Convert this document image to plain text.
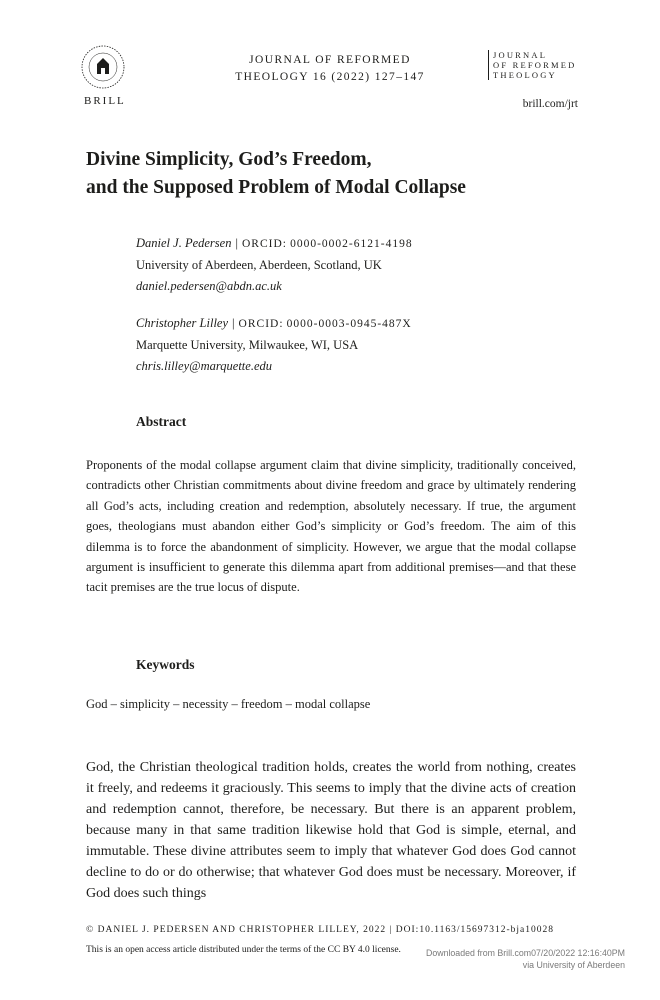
BRILL
JOURNAL OF REFORMED
THEOLOGY 16 (2022) 127–147
JOURNAL
OF REFORMED
THEOLOGY
brill.com/jrt
Divine Simplicity, God’s Freedom,
and the Supposed Problem of Modal Collapse
Daniel J. Pedersen | ORCID: 0000-0002-6121-4198
University of Aberdeen, Aberdeen, Scotland, UK
daniel.pedersen@abdn.ac.uk
Christopher Lilley | ORCID: 0000-0003-0945-487X
Marquette University, Milwaukee, WI, USA
chris.lilley@marquette.edu
Abstract

Proponents of the modal collapse argument claim that divine simplicity, traditionally conceived, contradicts other Christian commitments about divine freedom and grace by ultimately rendering all God’s acts, including creation and redemption, absolutely necessary. If true, the argument goes, theologians must abandon either God’s simplicity or God’s freedom. The aim of this dilemma is to force the abandonment of simplicity. However, we argue that the modal collapse argument is insufficient to generate this dilemma apart from additional premises—and that these tacit premises are the true locus of dispute.

Keywords
God – simplicity – necessity – freedom – modal collapse

God, the Christian theological tradition holds, creates the world from nothing, creates it freely, and redeems it graciously. This seems to imply that the divine acts of creation and redemption cannot, therefore, be necessary. But there is an apparent problem, because many in that same tradition likewise hold that God is simple, eternal, and immutable. These divine attributes seem to imply that whatever God does God cannot decline to do or do otherwise; that whatever God does must be necessary. Moreover, if God does such things

© DANIEL J. PEDERSEN AND CHRISTOPHER LILLEY, 2022 | DOI:10.1163/15697312-bja10028
This is an open access article distributed under the terms of the CC BY 4.0 license.	Downloaded from Brill.com07/20/2022 12:16:40PM
via University of Aberdeen
